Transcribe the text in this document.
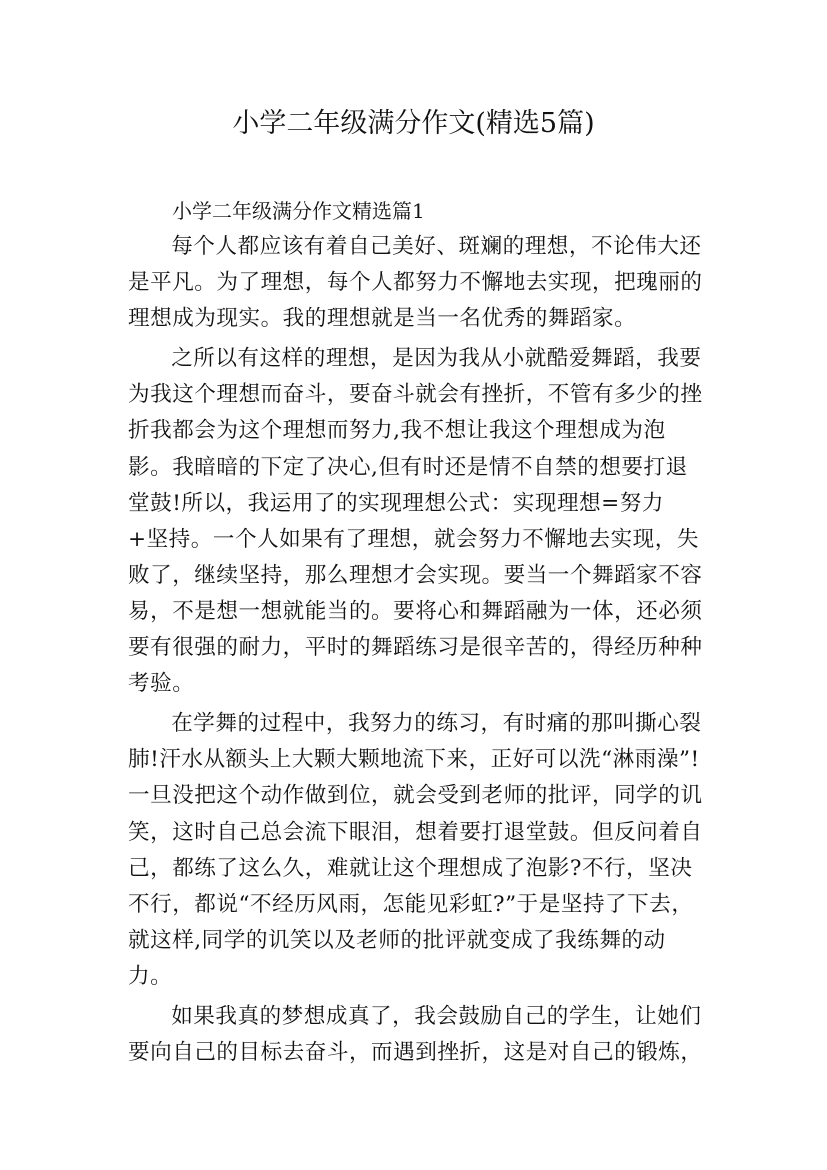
小学二年级满分作文(精选5篇)
小学二年级满分作文精选篇1

每个人都应该有着自己美好、斑斓的理想，不论伟大还是平凡。为了理想，每个人都努力不懈地去实现，把瑰丽的理想成为现实。我的理想就是当一名优秀的舞蹈家。

之所以有这样的理想，是因为我从小就酷爱舞蹈，我要为我这个理想而奋斗，要奋斗就会有挫折，不管有多少的挫折我都会为这个理想而努力,我不想让我这个理想成为泡影。我暗暗的下定了决心,但有时还是情不自禁的想要打退堂鼓!所以，我运用了的实现理想公式：实现理想=努力+坚持。一个人如果有了理想，就会努力不懈地去实现，失败了，继续坚持，那么理想才会实现。要当一个舞蹈家不容易，不是想一想就能当的。要将心和舞蹈融为一体，还必须要有很强的耐力，平时的舞蹈练习是很辛苦的，得经历种种考验。

在学舞的过程中，我努力的练习，有时痛的那叫撕心裂肺!汗水从额头上大颗大颗地流下来，正好可以洗“淋雨澡”!一旦没把这个动作做到位，就会受到老师的批评，同学的讥笑，这时自己总会流下眼泪，想着要打退堂鼓。但反问着自己，都练了这么久，难就让这个理想成了泡影?不行，坚决不行，都说“不经历风雨，怎能见彩虹?”于是坚持了下去，就这样,同学的讥笑以及老师的批评就变成了我练舞的动力。

如果我真的梦想成真了，我会鼓励自己的学生，让她们要向自己的目标去奋斗，而遇到挫折，这是对自己的锻炼，
